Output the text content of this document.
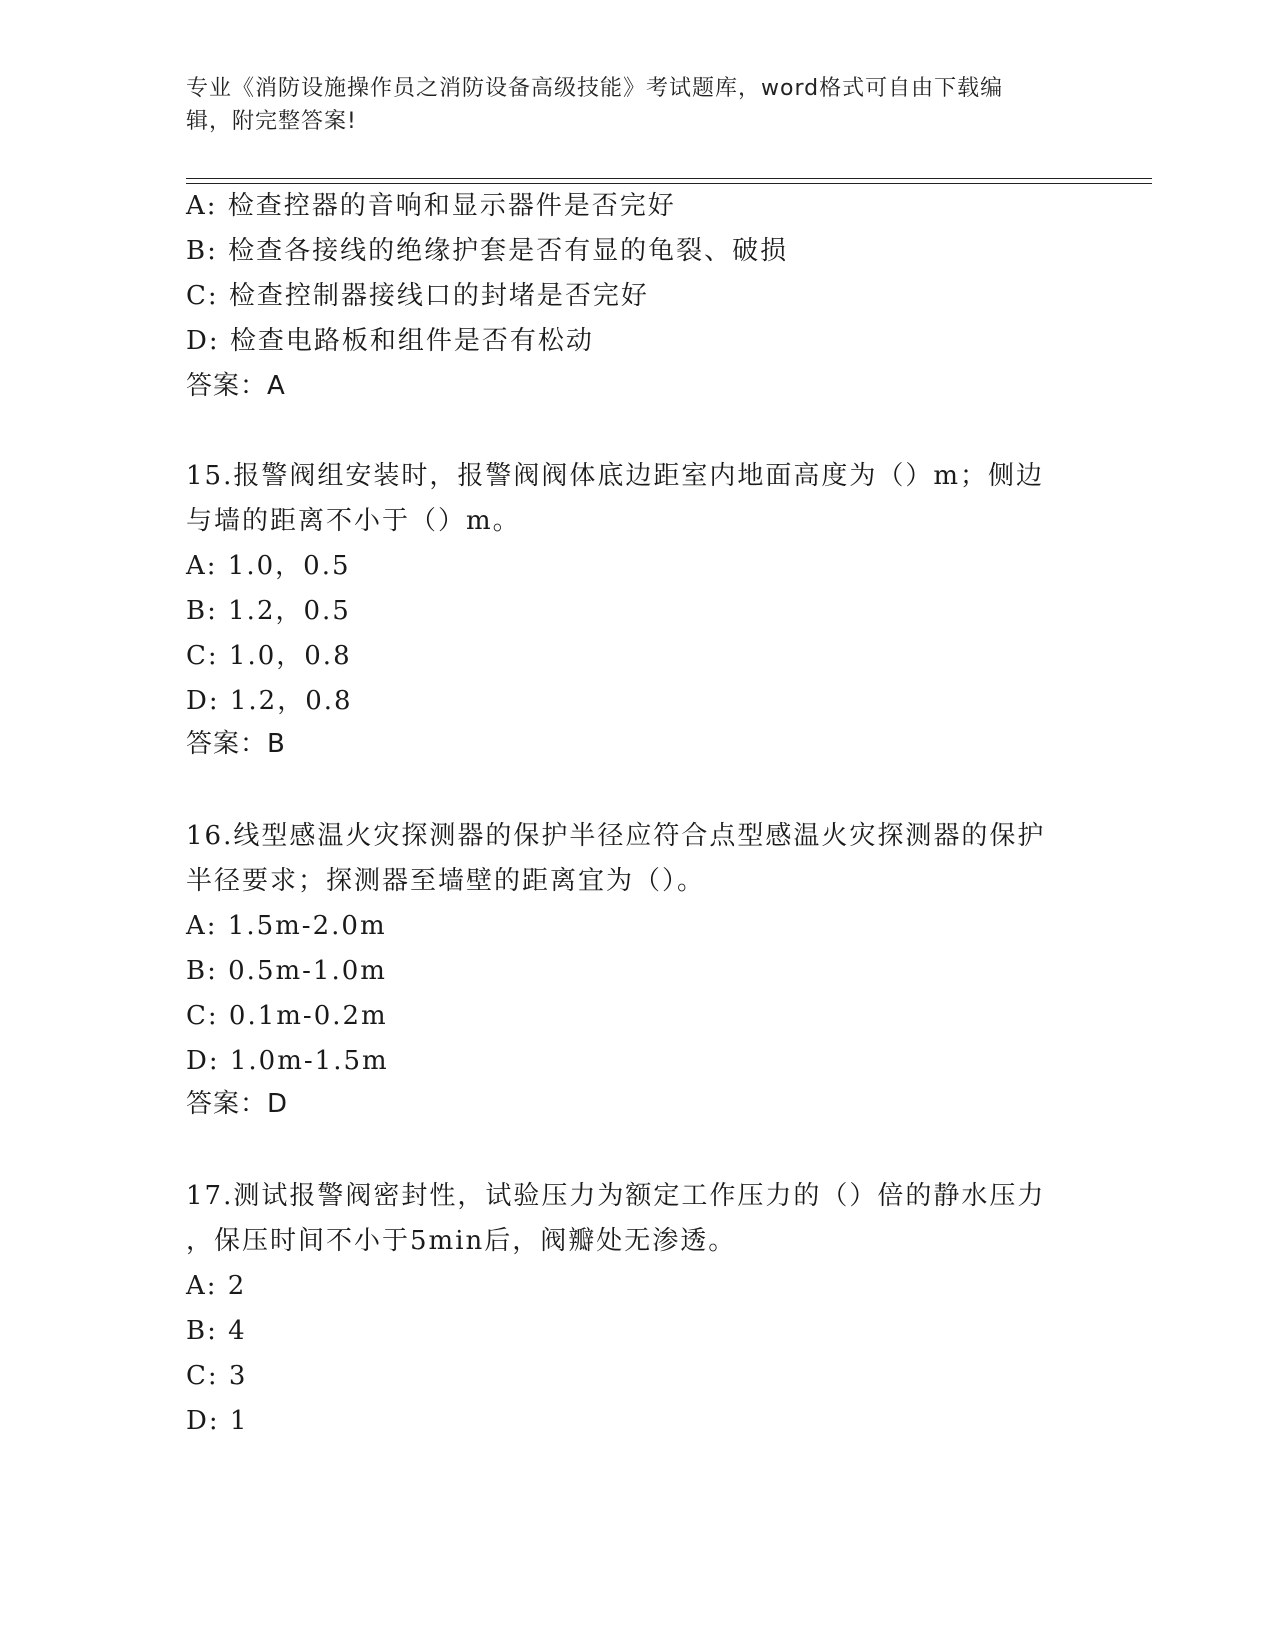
专业《消防设施操作员之消防设备高级技能》考试题库，word格式可自由下载编
辑，附完整答案!
A: 检查控器的音响和显示器件是否完好
B: 检查各接线的绝缘护套是否有显的龟裂、破损
C: 检查控制器接线口的封堵是否完好
D: 检查电路板和组件是否有松动
答案：A
15.报警阀组安装时，报警阀阀体底边距室内地面高度为（）m；侧边
与墙的距离不小于（）m。
A: 1.0，0.5
B: 1.2，0.5
C: 1.0，0.8
D: 1.2，0.8
答案：B
16.线型感温火灾探测器的保护半径应符合点型感温火灾探测器的保护
半径要求；探测器至墙壁的距离宜为（）。
A: 1.5m-2.0m
B: 0.5m-1.0m
C: 0.1m-0.2m
D: 1.0m-1.5m
答案：D
17.测试报警阀密封性，试验压力为额定工作压力的（）倍的静水压力
，保压时间不小于5min后，阀瓣处无渗透。
A: 2
B: 4
C: 3
D: 1
